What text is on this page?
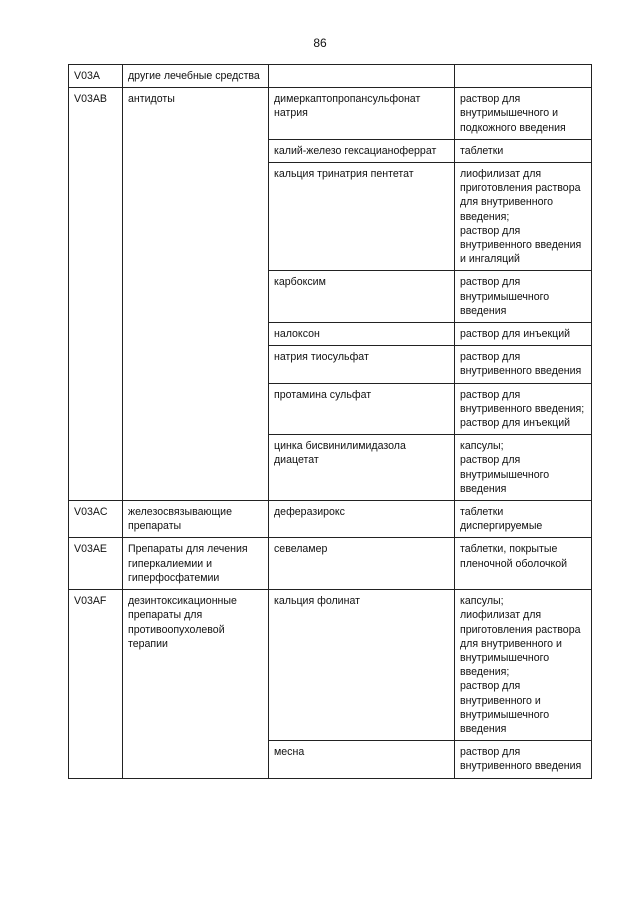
86
V03A	другие лечебные средства		
V03AB	антидоты	димеркаптопропансульфонат натрия	раствор для внутримышечного и подкожного введения
		калий-железо гексацианоферрат	таблетки
		кальция тринатрия пентетат	лиофилизат для приготовления раствора для внутривенного введения;
раствор для внутривенного введения и ингаляций
		карбоксим	раствор для внутримышечного введения
		налоксон	раствор для инъекций
		натрия тиосульфат	раствор для внутривенного введения
		протамина сульфат	раствор для внутривенного введения;
раствор для инъекций
		цинка бисвинилимидазола диацетат	капсулы;
раствор для внутримышечного введения
V03AC	железосвязывающие препараты	деферазирокс	таблетки диспергируемые
V03AE	Препараты для лечения гиперкалиемии и гиперфосфатемии	севеламер	таблетки, покрытые пленочной оболочкой
V03AF	дезинтоксикационные препараты для противоопухолевой терапии	кальция фолинат	капсулы;
лиофилизат для приготовления раствора для внутривенного и внутримышечного введения;
раствор для внутривенного и внутримышечного введения
		месна	раствор для внутривенного введения
